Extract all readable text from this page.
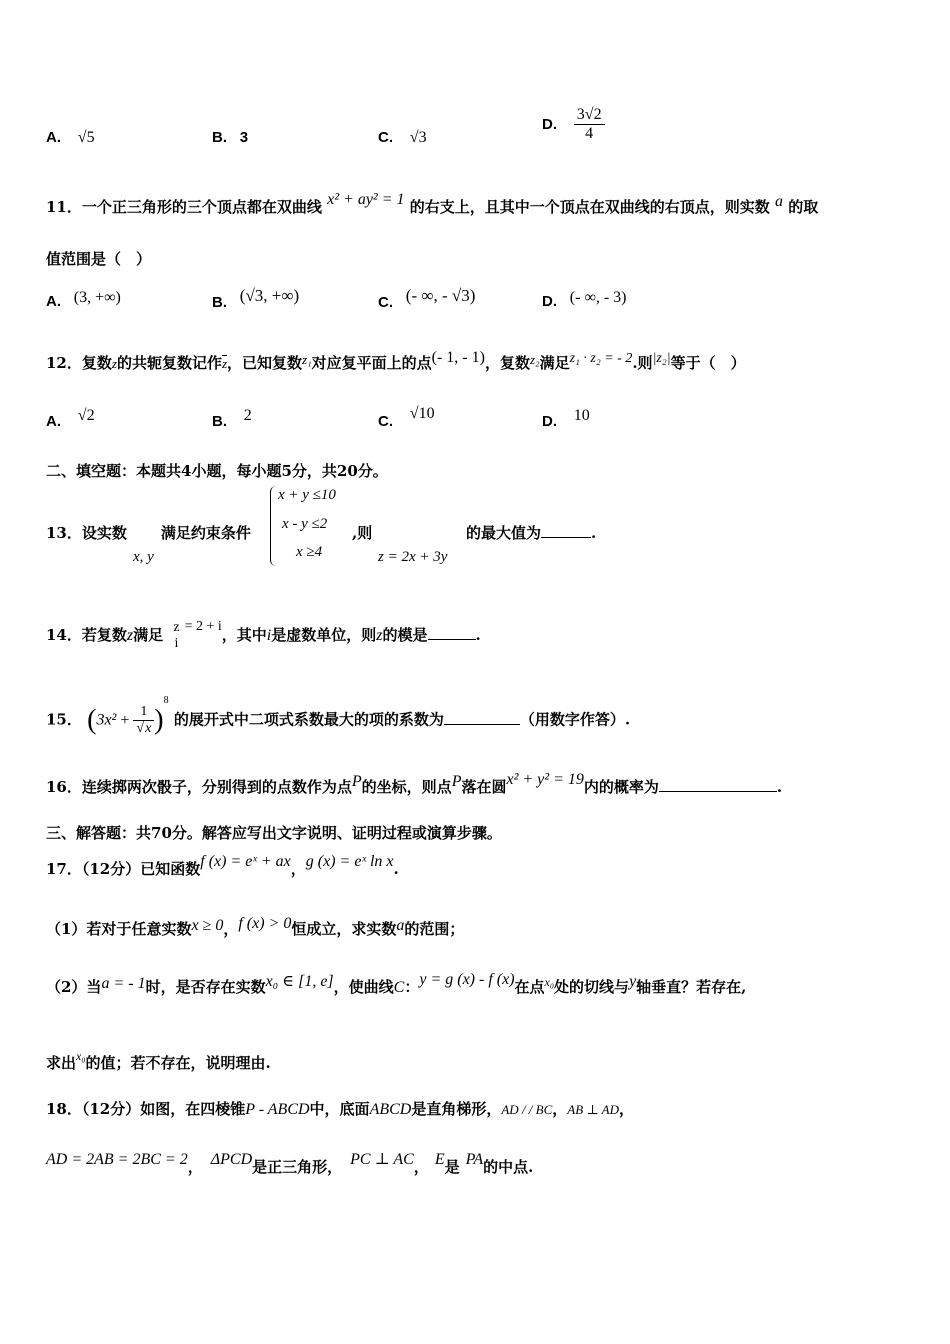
A. √5	B. 3	C. √3
D. $\frac{3√2}{4}$
11．一个正三角形的三个顶点都在双曲线 x² + ay² = 1 的右支上，且其中一个顶点在双曲线的右顶点，则实数 a 的取
值范围是（　）
A. (3, +∞)	B. (√3, +∞)	C. (- ∞, - √3)	D. (- ∞, - 3)
12．复数z的共轭复数记作$\overline{z}$，已知复数z₁对应复平面上的点(- 1, - 1)，复数z₂满足z₁ · z₂ = - 2.则|z₂|等于（　）
A. √2	B. 2	C. √10	D. 10
二、填空题：本题共4小题，每小题5分，共20分。
13．设实数 满足约束条件
x, y
x + y ≤10
x - y ≤2
x ≥4
,则
z = 2x + 3y
的最大值为	.
14．若复数z满足 z
i
= 2 + i，其中i是虚数单位，则z的模是	.
15． $(3x^2 + \frac{1}{√x} )^8$ 的展开式中二项式系数最大的项的系数为	（用数字作答）.
16．连续掷两次骰子，分别得到的点数作为点P的坐标，则点P落在圆x² + y² = 19内的概率为	.
三、解答题：共70分。解答应写出文字说明、证明过程或演算步骤。
17．（12分）已知函数f (x) = eˣ + ax，g (x) = eˣ ln x.
（1）若对于任意实数x ≥ 0，f (x) > 0恒成立，求实数a的范围；
（2）当a = - 1时，是否存在实数x₀ ∈ [1, e]，使曲线C：y = g (x) - f (x)在点$^{x_0}$处的切线与y轴垂直？若存在,
求出$^{x_0}$的值；若不存在，说明理由.
18．（12分）如图，在四棱锥P - ABCD中，底面ABCD是直角梯形，AD / / BC，AB ⊥ AD，
AD = 2AB = 2BC = 2， ΔPCD是正三角形， PC ⊥ AC， E是 PA的中点.
